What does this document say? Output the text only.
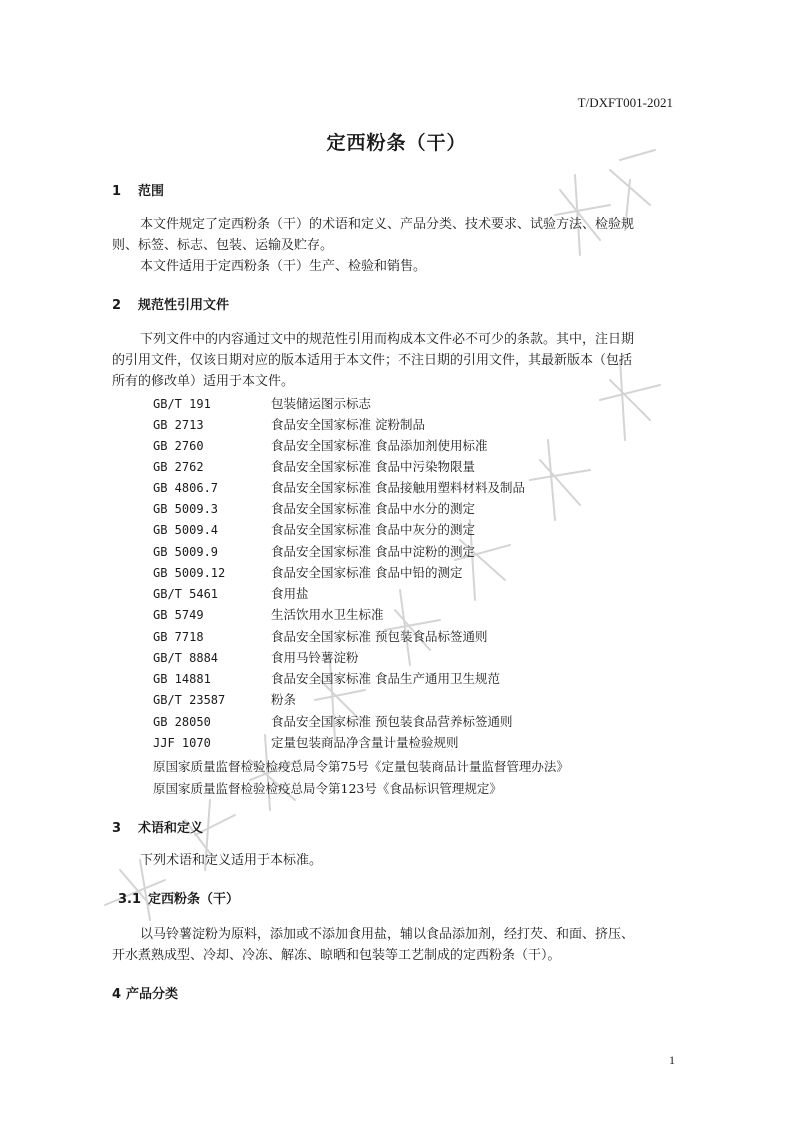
T/DXFT001-2021
定西粉条（干）
1 范围
本文件规定了定西粉条（干）的术语和定义、产品分类、技术要求、试验方法、检验规
则、标签、标志、包装、运输及贮存。
本文件适用于定西粉条（干）生产、检验和销售。
2 规范性引用文件
下列文件中的内容通过文中的规范性引用而构成本文件必不可少的条款。其中，注日期
的引用文件，仅该日期对应的版本适用于本文件；不注日期的引用文件，其最新版本（包括
所有的修改单）适用于本文件。
GB/T 191	包装储运图示标志
GB 2713	食品安全国家标准 淀粉制品
GB 2760	食品安全国家标准 食品添加剂使用标准
GB 2762	食品安全国家标准 食品中污染物限量
GB 4806.7	食品安全国家标准 食品接触用塑料材料及制品
GB 5009.3	食品安全国家标准 食品中水分的测定
GB 5009.4	食品安全国家标准 食品中灰分的测定
GB 5009.9	食品安全国家标准 食品中淀粉的测定
GB 5009.12	食品安全国家标准 食品中铅的测定
GB/T 5461	食用盐
GB 5749	生活饮用水卫生标准
GB 7718	食品安全国家标准 预包装食品标签通则
GB/T 8884	食用马铃薯淀粉
GB 14881	食品安全国家标准 食品生产通用卫生规范
GB/T 23587	粉条
GB 28050	食品安全国家标准 预包装食品营养标签通则
JJF 1070	定量包装商品净含量计量检验规则
原国家质量监督检验检疫总局令第75号《定量包装商品计量监督管理办法》
原国家质量监督检验检疫总局令第123号《食品标识管理规定》
3 术语和定义
下列术语和定义适用于本标准。
3.1 定西粉条（干）
以马铃薯淀粉为原料，添加或不添加食用盐，辅以食品添加剂，经打芡、和面、挤压、
开水煮熟成型、冷却、冷冻、解冻、晾晒和包装等工艺制成的定西粉条（干）。
4 产品分类
1
